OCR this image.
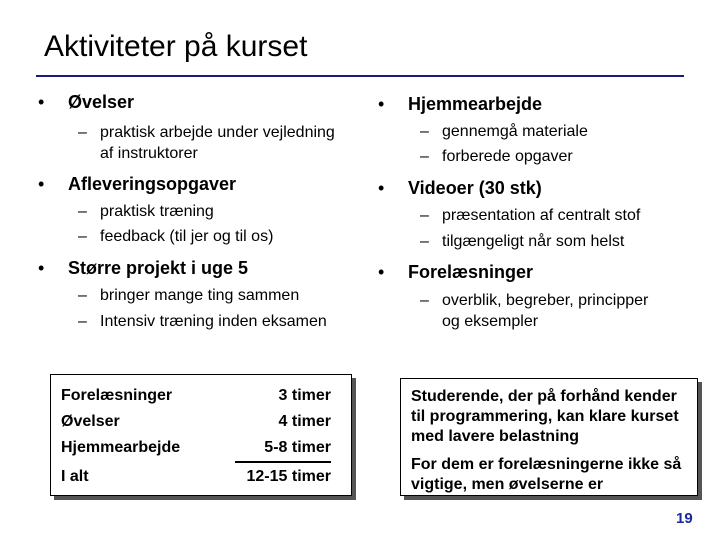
Aktiviteter på kurset
• Øvelser
– praktisk arbejde under vejledning
af instruktorer
• Afleveringsopgaver
– praktisk træning
– feedback (til jer og til os)
• Større projekt i uge 5
– bringer mange ting sammen
– Intensiv træning inden eksamen
• Hjemmearbejde
– gennemgå materiale
– forberede opgaver
• Videoer (30 stk)
– præsentation af centralt stof
– tilgængeligt når som helst
• Forelæsninger
– overblik, begreber, principper
og eksempler
Forelæsninger	3 timer
Øvelser	4 timer
Hjemmearbejde	5-8 timer
I alt	12-15 timer
Studerende, der på forhånd kender til programmering, kan klare kurset med lavere belastning
For dem er forelæsningerne ikke så vigtige, men øvelserne er
19
